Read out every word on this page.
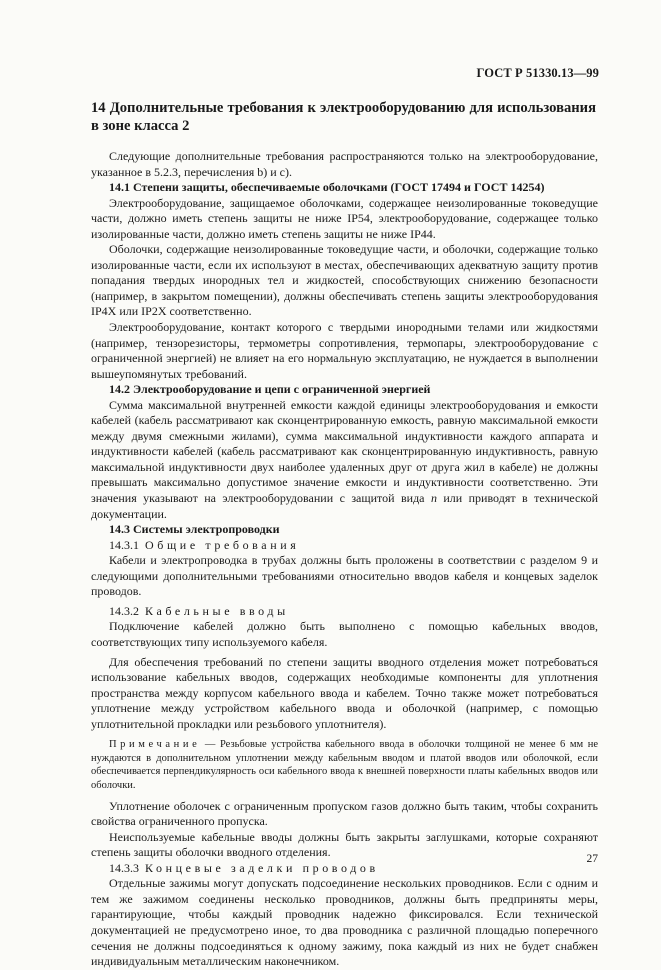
ГОСТ Р 51330.13—99
14 Дополнительные требования к электрооборудованию для использования в зоне класса 2

Следующие дополнительные требования распространяются только на электрооборудование, указанное в 5.2.3, перечисления b) и c).

14.1 Степени защиты, обеспечиваемые оболочками (ГОСТ 17494 и ГОСТ 14254)

Электрооборудование, защищаемое оболочками, содержащее неизолированные токоведущие части, должно иметь степень защиты не ниже IP54, электрооборудование, содержащее только изолированные части, должно иметь степень защиты не ниже IP44.

Оболочки, содержащие неизолированные токоведущие части, и оболочки, содержащие только изолированные части, если их используют в местах, обеспечивающих адекватную защиту против попадания твердых инородных тел и жидкостей, способствующих снижению безопасности (например, в закрытом помещении), должны обеспечивать степень защиты электрооборудования IP4X или IP2X соответственно.

Электрооборудование, контакт которого с твердыми инородными телами или жидкостями (например, тензорезисторы, термометры сопротивления, термопары, электрооборудование с ограниченной энергией) не влияет на его нормальную эксплуатацию, не нуждается в выполнении вышеупомянутых требований.

14.2 Электрооборудование и цепи с ограниченной энергией

Сумма максимальной внутренней емкости каждой единицы электрооборудования и емкости кабелей (кабель рассматривают как сконцентрированную емкость, равную максимальной емкости между двумя смежными жилами), сумма максимальной индуктивности каждого аппарата и индуктивности кабелей (кабель рассматривают как сконцентрированную индуктивность, равную максимальной индуктивности двух наиболее удаленных друг от друга жил в кабеле) не должны превышать максимально допустимое значение емкости и индуктивности соответственно. Эти значения указывают на электрооборудовании с защитой вида n или приводят в технической документации.

14.3 Системы электропроводки

14.3.1 Общие требования

Кабели и электропроводка в трубах должны быть проложены в соответствии с разделом 9 и следующими дополнительными требованиями относительно вводов кабеля и концевых заделок проводов.

14.3.2 Кабельные вводы

Подключение кабелей должно быть выполнено с помощью кабельных вводов, соответствующих типу используемого кабеля.

Для обеспечения требований по степени защиты вводного отделения может потребоваться использование кабельных вводов, содержащих необходимые компоненты для уплотнения пространства между корпусом кабельного ввода и кабелем. Точно также может потребоваться уплотнение между устройством кабельного ввода и оболочкой (например, с помощью уплотнительной прокладки или резьбового уплотнителя).

Примечание — Резьбовые устройства кабельного ввода в оболочки толщиной не менее 6 мм не нуждаются в дополнительном уплотнении между кабельным вводом и платой вводов или оболочкой, если обеспечивается перпендикулярность оси кабельного ввода к внешней поверхности платы кабельных вводов или оболочки.

Уплотнение оболочек с ограниченным пропуском газов должно быть таким, чтобы сохранить свойства ограниченного пропуска.

Неиспользуемые кабельные вводы должны быть закрыты заглушками, которые сохраняют степень защиты оболочки вводного отделения.

14.3.3 Концевые заделки проводов

Отдельные зажимы могут допускать подсоединение нескольких проводников. Если с одним и тем же зажимом соединены несколько проводников, должны быть предприняты меры, гарантирующие, чтобы каждый проводник надежно фиксировался. Если технической документацией не предусмотрено иное, то два проводника с различной площадью поперечного сечения не должны подсоединяться к одному зажиму, пока каждый из них не будет снабжен индивидуальным металлическим наконечником.

27
